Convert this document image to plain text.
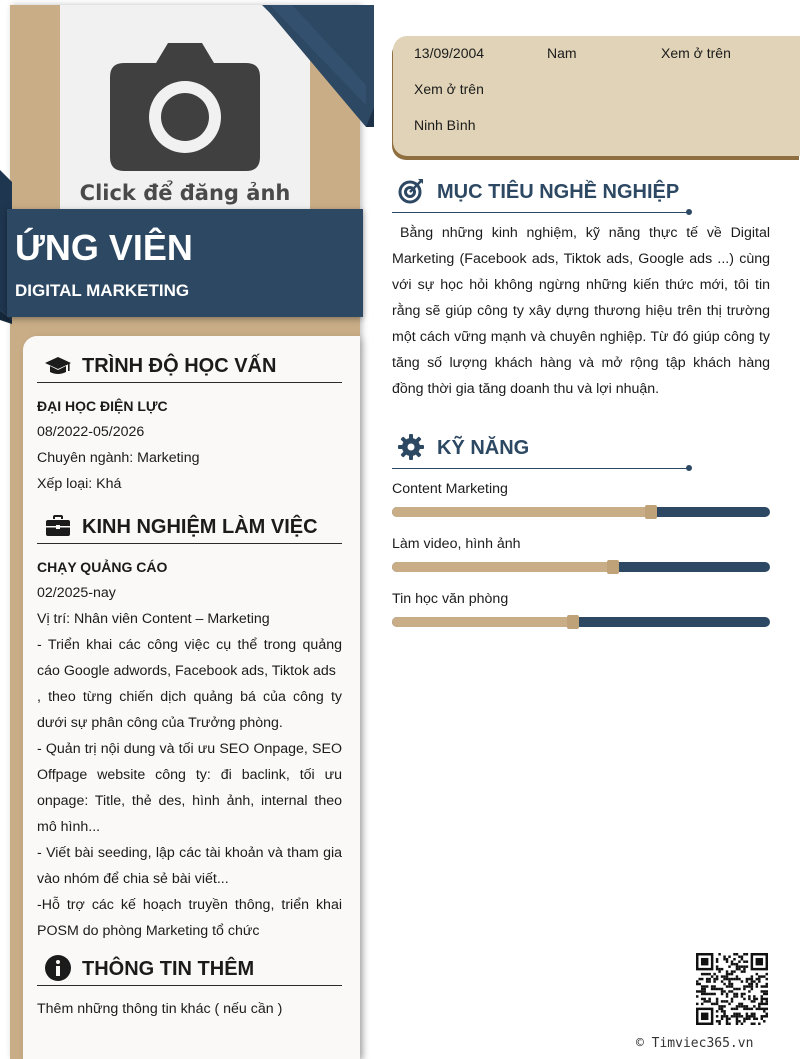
Click để đăng ảnh
ỨNG VIÊN
DIGITAL MARKETING
TRÌNH ĐỘ HỌC VẤN
ĐẠI HỌC ĐIỆN LỰC
08/2022-05/2026
Chuyên ngành: Marketing
Xếp loại: Khá
KINH NGHIỆM LÀM VIỆC
CHẠY QUẢNG CÁO
02/2025-nay
Vị trí: Nhân viên Content – Marketing
- Triển khai các công việc cụ thể trong quảng cáo Google adwords, Facebook ads, Tiktok ads
, theo từng chiến dịch quảng bá của công ty dưới sự phân công của Trưởng phòng.
- Quản trị nội dung và tối ưu SEO Onpage, SEO Offpage website công ty: đi baclink, tối ưu onpage: Title, thẻ des, hình ảnh, internal theo mô hình...
- Viết bài seeding, lập các tài khoản và tham gia vào nhóm để chia sẻ bài viết...
-Hỗ trợ các kế hoạch truyền thông, triển khai POSM do phòng Marketing tổ chức
THÔNG TIN THÊM
Thêm những thông tin khác ( nếu cần )
13/09/2004	Nam	Xem ở trên
Xem ở trên
Ninh Bình
MỤC TIÊU NGHỀ NGHIỆP
Bằng những kinh nghiệm, kỹ năng thực tế về Digital Marketing (Facebook ads, Tiktok ads, Google ads ...) cùng với sự học hỏi không ngừng những kiến thức mới, tôi tin rằng sẽ giúp công ty xây dựng thương hiệu trên thị trường một cách vững mạnh và chuyên nghiệp. Từ đó giúp công ty tăng số lượng khách hàng và mở rộng tập khách hàng đồng thời gia tăng doanh thu và lợi nhuận.
KỸ NĂNG
Content Marketing
Làm video, hình ảnh
Tin học văn phòng
© Timviec365.vn
